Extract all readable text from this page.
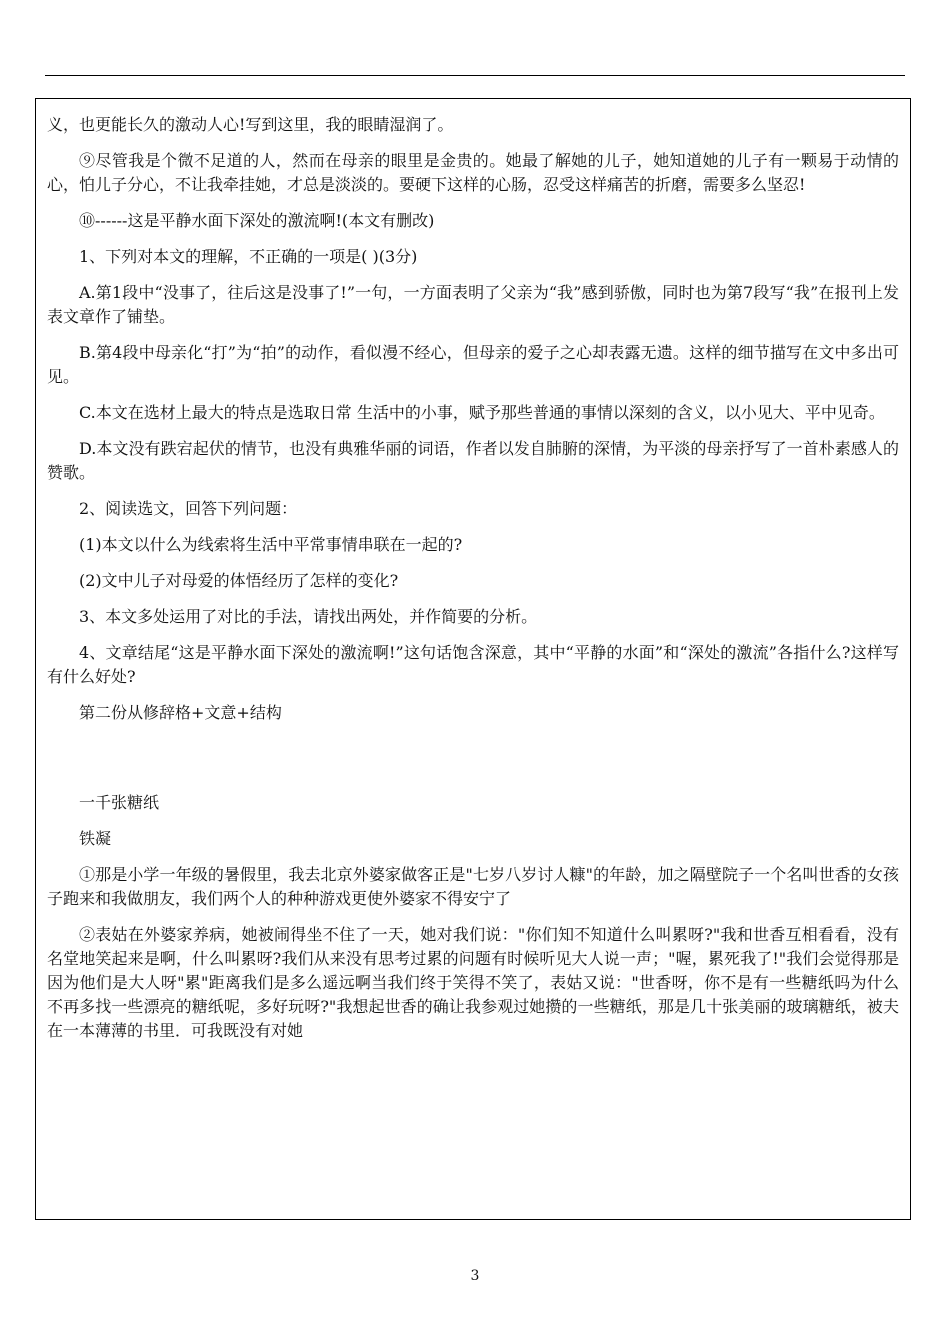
义，也更能长久的激动人心!写到这里，我的眼睛湿润了。

⑨尽管我是个微不足道的人，然而在母亲的眼里是金贵的。她最了解她的儿子，她知道她的儿子有一颗易于动情的心，怕儿子分心，不让我牵挂她，才总是淡淡的。要硬下这样的心肠，忍受这样痛苦的折磨，需要多么坚忍!

⑩------这是平静水面下深处的激流啊!(本文有删改)

1、下列对本文的理解，不正确的一项是( )(3分)

A.第1段中“没事了，往后这是没事了!”一句，一方面表明了父亲为“我”感到骄傲，同时也为第7段写“我”在报刊上发表文章作了铺垫。

B.第4段中母亲化“打”为“拍”的动作，看似漫不经心，但母亲的爱子之心却表露无遗。这样的细节描写在文中多出可见。

C.本文在选材上最大的特点是选取日常 生活中的小事，赋予那些普通的事情以深刻的含义，以小见大、平中见奇。

D.本文没有跌宕起伏的情节，也没有典雅华丽的词语，作者以发自肺腑的深情，为平淡的母亲抒写了一首朴素感人的赞歌。

2、阅读选文，回答下列问题：

(1)本文以什么为线索将生活中平常事情串联在一起的?

(2)文中儿子对母爱的体悟经历了怎样的变化?

3、本文多处运用了对比的手法，请找出两处，并作简要的分析。

4、文章结尾“这是平静水面下深处的激流啊!”这句话饱含深意，其中“平静的水面”和“深处的激流”各指什么?这样写有什么好处?

第二份从修辞格+文意+结构

一千张糖纸

铁凝

①那是小学一年级的暑假里，我去北京外婆家做客正是"七岁八岁讨人糠"的年龄，加之隔壁院子一个名叫世香的女孩子跑来和我做朋友，我们两个人的种种游戏更使外婆家不得安宁了

②表姑在外婆家养病，她被闹得坐不住了一天，她对我们说："你们知不知道什么叫累呀?"我和世香互相看看，没有名堂地笑起来是啊，什么叫累呀?我们从来没有思考过累的问题有时候听见大人说一声；"喔，累死我了!"我们会觉得那是因为他们是大人呀"累"距离我们是多么遥远啊当我们终于笑得不笑了，表姑又说："世香呀，你不是有一些糖纸吗为什么不再多找一些漂亮的糖纸呢，多好玩呀?"我想起世香的确让我参观过她攒的一些糖纸，那是几十张美丽的玻璃糖纸，被夫在一本薄薄的书里．可我既没有对她

3
